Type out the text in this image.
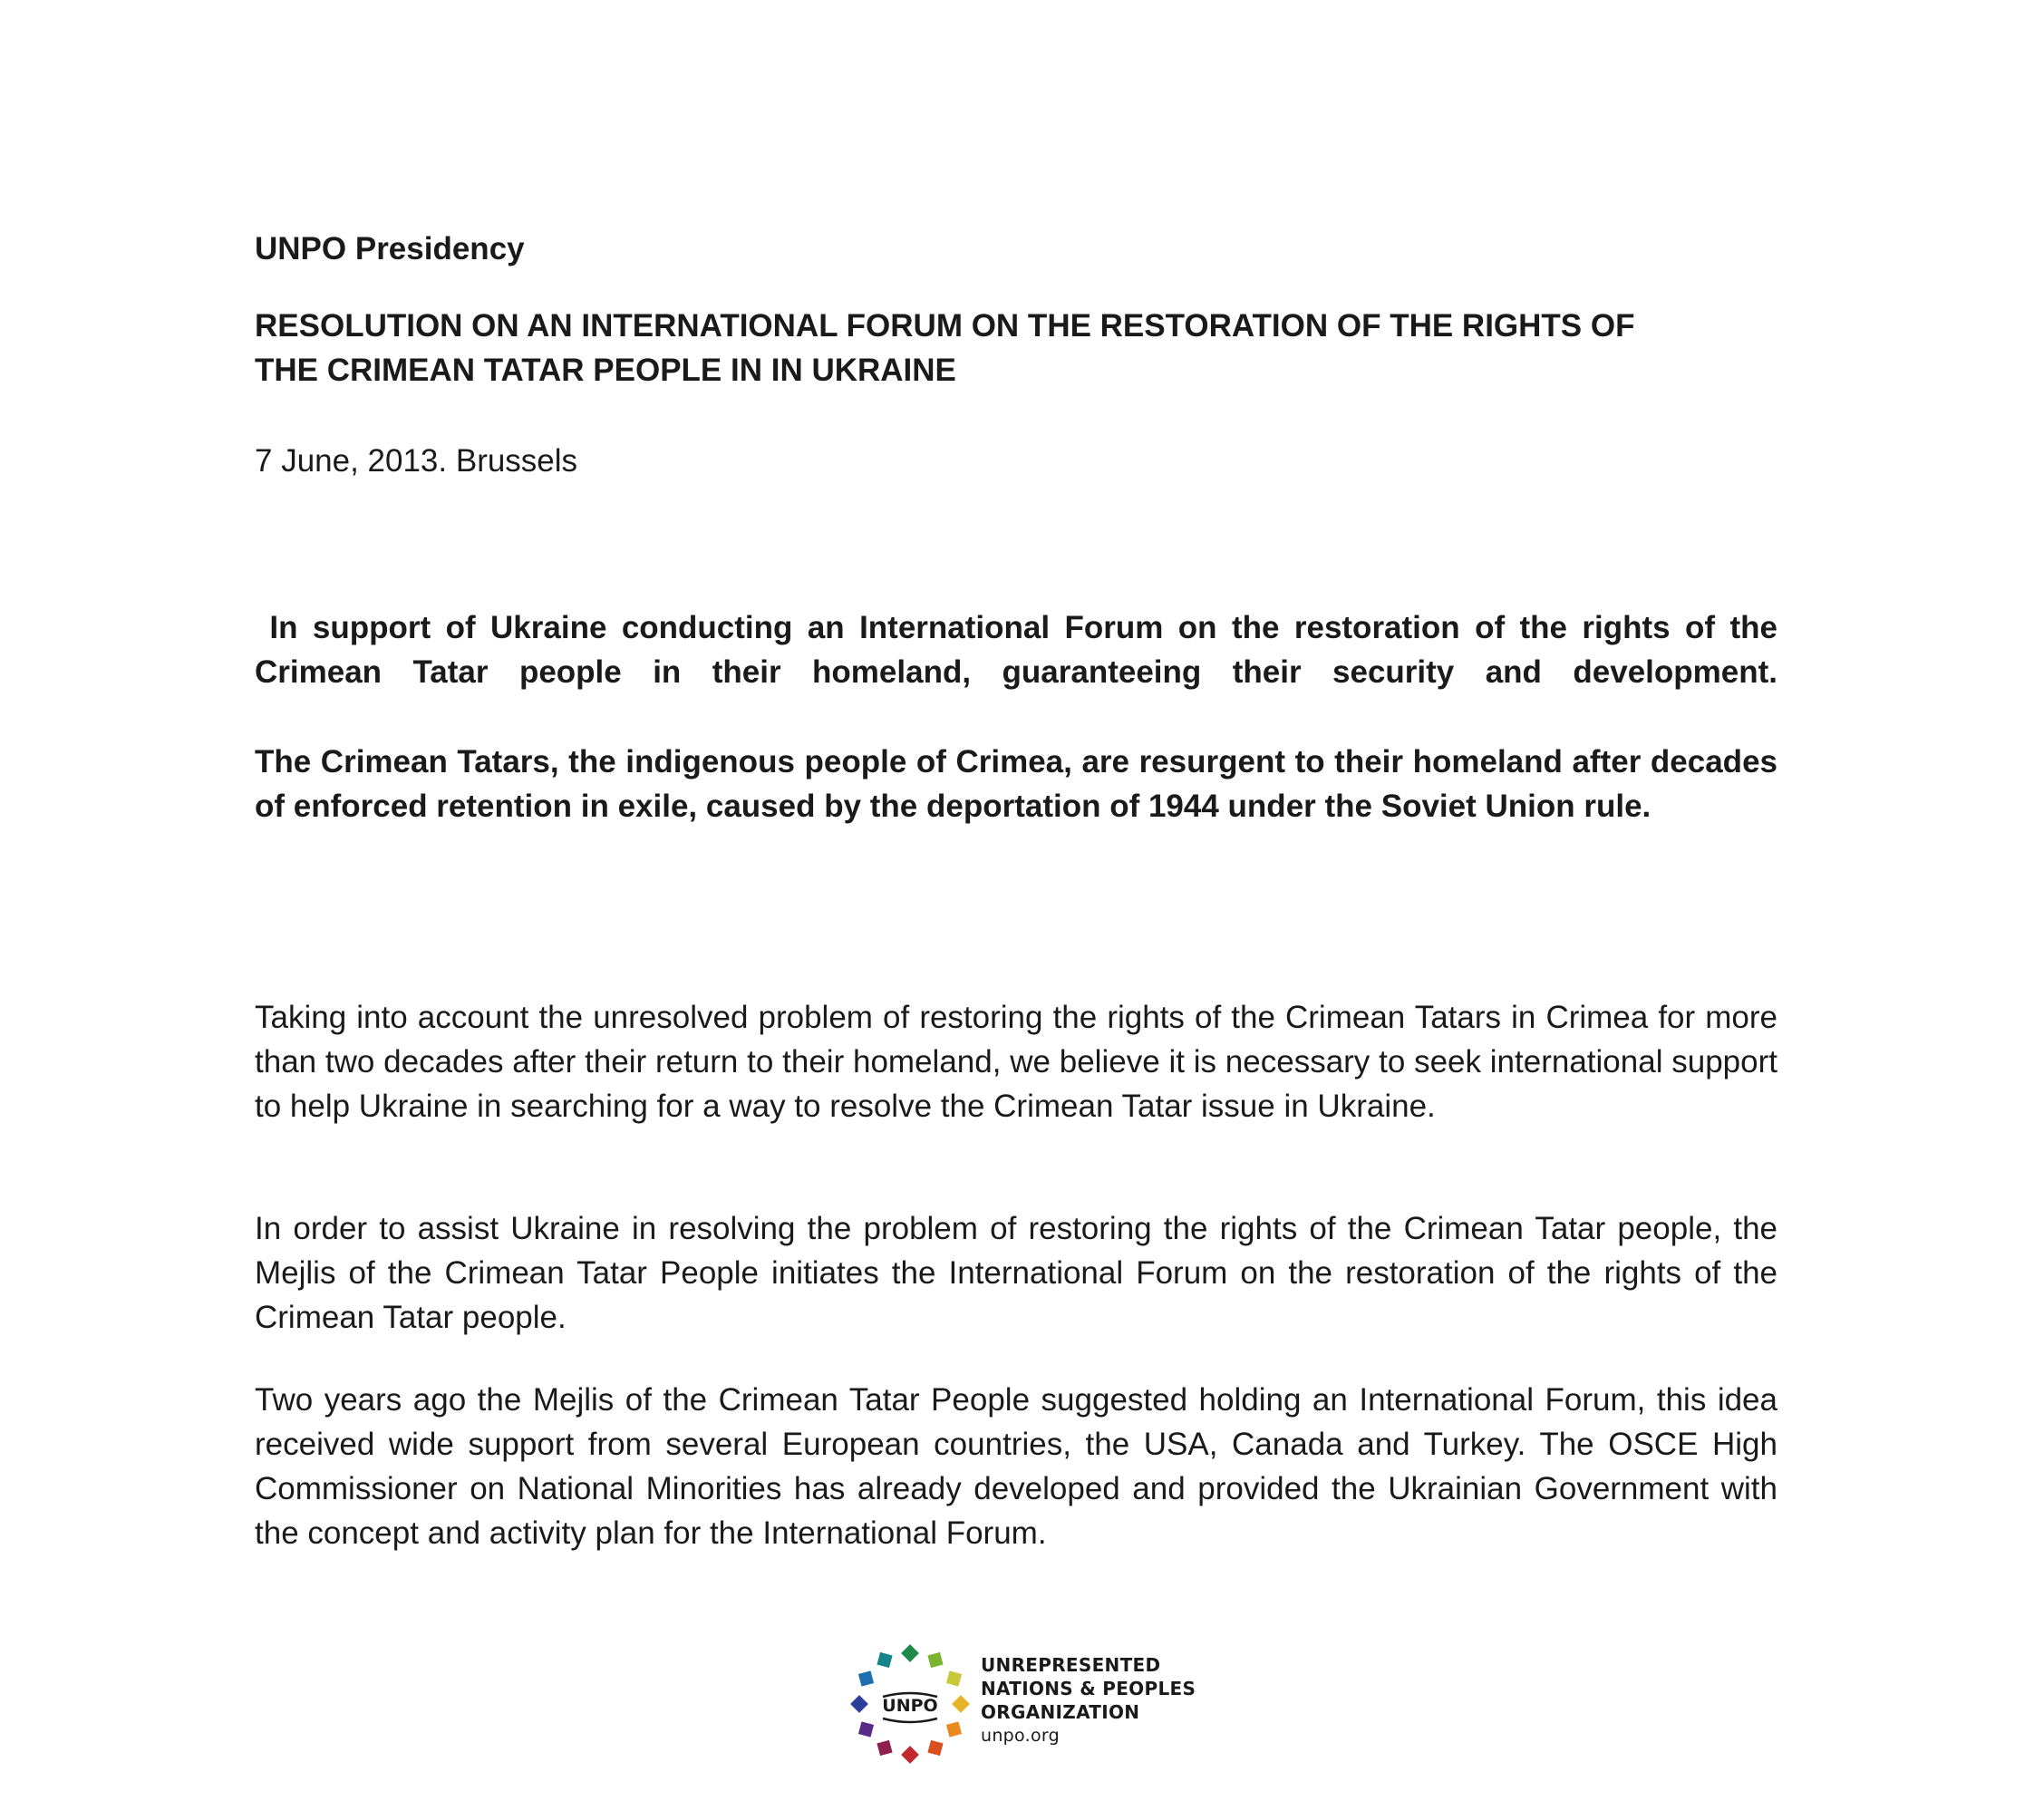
UNPO Presidency
RESOLUTION ON AN INTERNATIONAL FORUM ON THE RESTORATION OF THE RIGHTS OF
THE CRIMEAN TATAR PEOPLE IN IN UKRAINE
7 June, 2013. Brussels
In support of Ukraine conducting an International Forum on the restoration of the rights of the Crimean Tatar people in their homeland, guaranteeing their security and development.
The Crimean Tatars, the indigenous people of Crimea, are resurgent to their homeland after decades of enforced retention in exile, caused by the deportation of 1944 under the Soviet Union rule.
Taking into account the unresolved problem of restoring the rights of the Crimean Tatars in Crimea for more than two decades after their return to their homeland, we believe it is necessary to seek international support to help Ukraine in searching for a way to resolve the Crimean Tatar issue in Ukraine.
In order to assist Ukraine in resolving the problem of restoring the rights of the Crimean Tatar people, the Mejlis of the Crimean Tatar People initiates the International Forum on the restoration of the rights of the Crimean Tatar people.
Two years ago the Mejlis of the Crimean Tatar People suggested holding an International Forum, this idea received wide support from several European countries, the USA, Canada and Turkey. The OSCE High Commissioner on National Minorities has already developed and provided the Ukrainian Government with the concept and activity plan for the International Forum.
UNPO
UNREPRESENTED
NATIONS & PEOPLES
ORGANIZATION
unpo.org
